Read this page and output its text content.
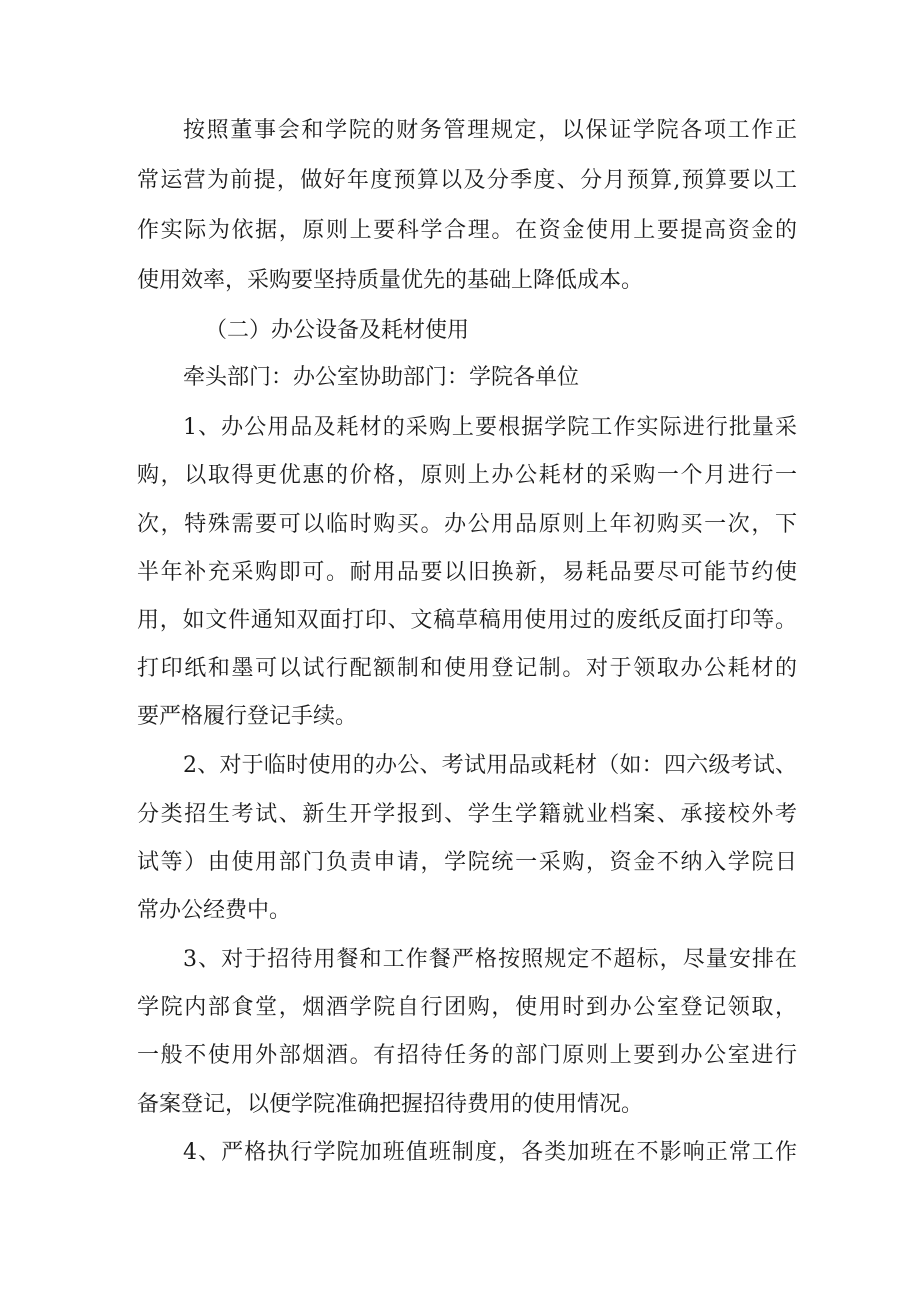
按照董事会和学院的财务管理规定，以保证学院各项工作正
常运营为前提，做好年度预算以及分季度、分月预算,预算要以工
作实际为依据，原则上要科学合理。在资金使用上要提高资金的
使用效率，采购要坚持质量优先的基础上降低成本。
（二）办公设备及耗材使用
牵头部门：办公室协助部门：学院各单位
1、办公用品及耗材的采购上要根据学院工作实际进行批量采
购，以取得更优惠的价格，原则上办公耗材的采购一个月进行一
次，特殊需要可以临时购买。办公用品原则上年初购买一次，下
半年补充采购即可。耐用品要以旧换新，易耗品要尽可能节约使
用，如文件通知双面打印、文稿草稿用使用过的废纸反面打印等。
打印纸和墨可以试行配额制和使用登记制。对于领取办公耗材的
要严格履行登记手续。
2、对于临时使用的办公、考试用品或耗材（如：四六级考试、
分类招生考试、新生开学报到、学生学籍就业档案、承接校外考
试等）由使用部门负责申请，学院统一采购，资金不纳入学院日
常办公经费中。
3、对于招待用餐和工作餐严格按照规定不超标，尽量安排在
学院内部食堂，烟酒学院自行团购，使用时到办公室登记领取，
一般不使用外部烟酒。有招待任务的部门原则上要到办公室进行
备案登记，以便学院准确把握招待费用的使用情况。
4、严格执行学院加班值班制度，各类加班在不影响正常工作
